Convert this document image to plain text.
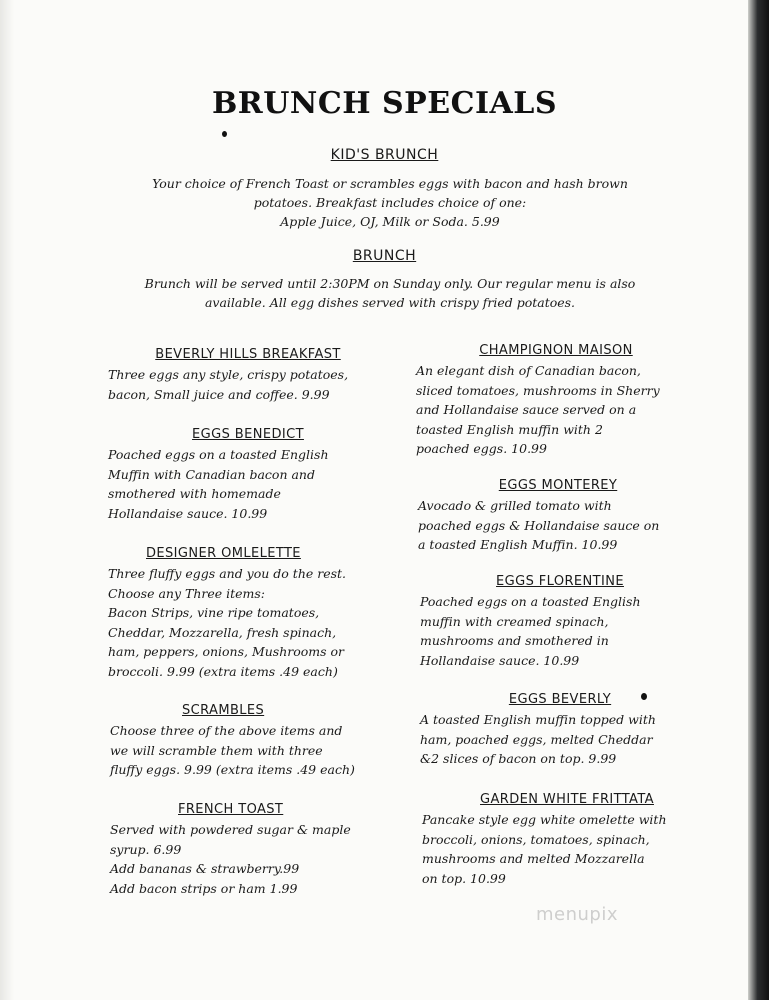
BRUNCH SPECIALS
KID'S BRUNCH
Your choice of French Toast or scrambles eggs with bacon and hash brown
potatoes. Breakfast includes choice of one:
Apple Juice, OJ, Milk or Soda. 5.99
BRUNCH
Brunch will be served until 2:30PM on Sunday only. Our regular menu is also
available. All egg dishes served with crispy fried potatoes.
BEVERLY HILLS BREAKFAST
Three eggs any style, crispy potatoes,
bacon, Small juice and coffee. 9.99
EGGS BENEDICT
Poached eggs on a toasted English
Muffin with Canadian bacon and
smothered with homemade
Hollandaise sauce. 10.99
DESIGNER OMLELETTE
Three fluffy eggs and you do the rest.
Choose any Three items:
Bacon Strips, vine ripe tomatoes,
Cheddar, Mozzarella, fresh spinach,
ham, peppers, onions, Mushrooms or
broccoli. 9.99 (extra items .49 each)
SCRAMBLES
Choose three of the above items and
we will scramble them with three
fluffy eggs. 9.99 (extra items .49 each)
FRENCH TOAST
Served with powdered sugar & maple
syrup. 6.99
Add bananas & strawberry.99
Add bacon strips or ham 1.99
CHAMPIGNON MAISON
An elegant dish of Canadian bacon,
sliced tomatoes, mushrooms in Sherry
and Hollandaise sauce served on a
toasted English muffin with 2
poached eggs. 10.99
EGGS MONTEREY
Avocado & grilled tomato with
poached eggs & Hollandaise sauce on
a toasted English Muffin. 10.99
EGGS FLORENTINE
Poached eggs on a toasted English
muffin with creamed spinach,
mushrooms and smothered in
Hollandaise sauce. 10.99
EGGS BEVERLY
A toasted English muffin topped with
ham, poached eggs, melted Cheddar
&2 slices of bacon on top. 9.99
GARDEN WHITE FRITTATA
Pancake style egg white omelette with
broccoli, onions, tomatoes, spinach,
mushrooms and melted Mozzarella
on top. 10.99
menupix
